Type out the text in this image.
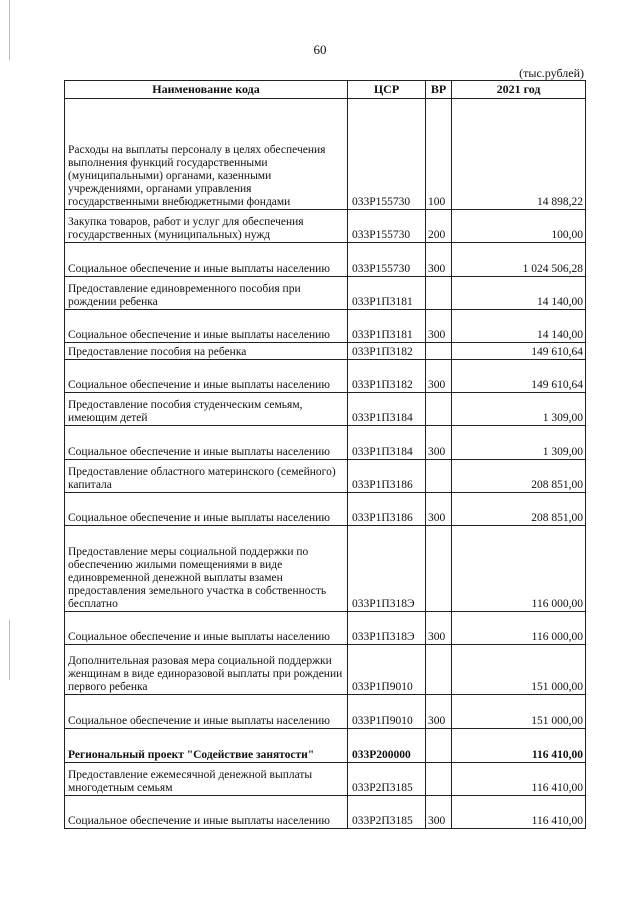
60
(тыс.рублей)
Наименование кода	ЦСР	ВР	2021 год
Расходы на выплаты персоналу в целях обеспечения выполнения функций государственными (муниципальными) органами, казенными учреждениями, органами управления государственными внебюджетными фондами	033Р155730	100	14 898,22
Закупка товаров, работ и услуг для обеспечения государственных (муниципальных) нужд	033Р155730	200	100,00
Социальное обеспечение и иные выплаты населению	033Р155730	300	1 024 506,28
Предоставление единовременного пособия при рождении ребенка	033Р1П3181		14 140,00
Социальное обеспечение и иные выплаты населению	033Р1П3181	300	14 140,00
Предоставление пособия на ребенка	033Р1П3182		149 610,64
Социальное обеспечение и иные выплаты населению	033Р1П3182	300	149 610,64
Предоставление пособия студенческим семьям, имеющим детей	033Р1П3184		1 309,00
Социальное обеспечение и иные выплаты населению	033Р1П3184	300	1 309,00
Предоставление областного материнского (семейного) капитала	033Р1П3186		208 851,00
Социальное обеспечение и иные выплаты населению	033Р1П3186	300	208 851,00
Предоставление меры социальной поддержки по обеспечению жилыми помещениями в виде единовременной денежной выплаты взамен предоставления земельного участка в собственность бесплатно	033Р1П318Э		116 000,00
Социальное обеспечение и иные выплаты населению	033Р1П318Э	300	116 000,00
Дополнительная разовая мера социальной поддержки женщинам в виде единоразовой выплаты при рождении первого ребенка	033Р1П9010		151 000,00
Социальное обеспечение и иные выплаты населению	033Р1П9010	300	151 000,00
Региональный проект "Содействие занятости"	033Р200000		116 410,00
Предоставление ежемесячной денежной выплаты многодетным семьям	033Р2П3185		116 410,00
Социальное обеспечение и иные выплаты населению	033Р2П3185	300	116 410,00
